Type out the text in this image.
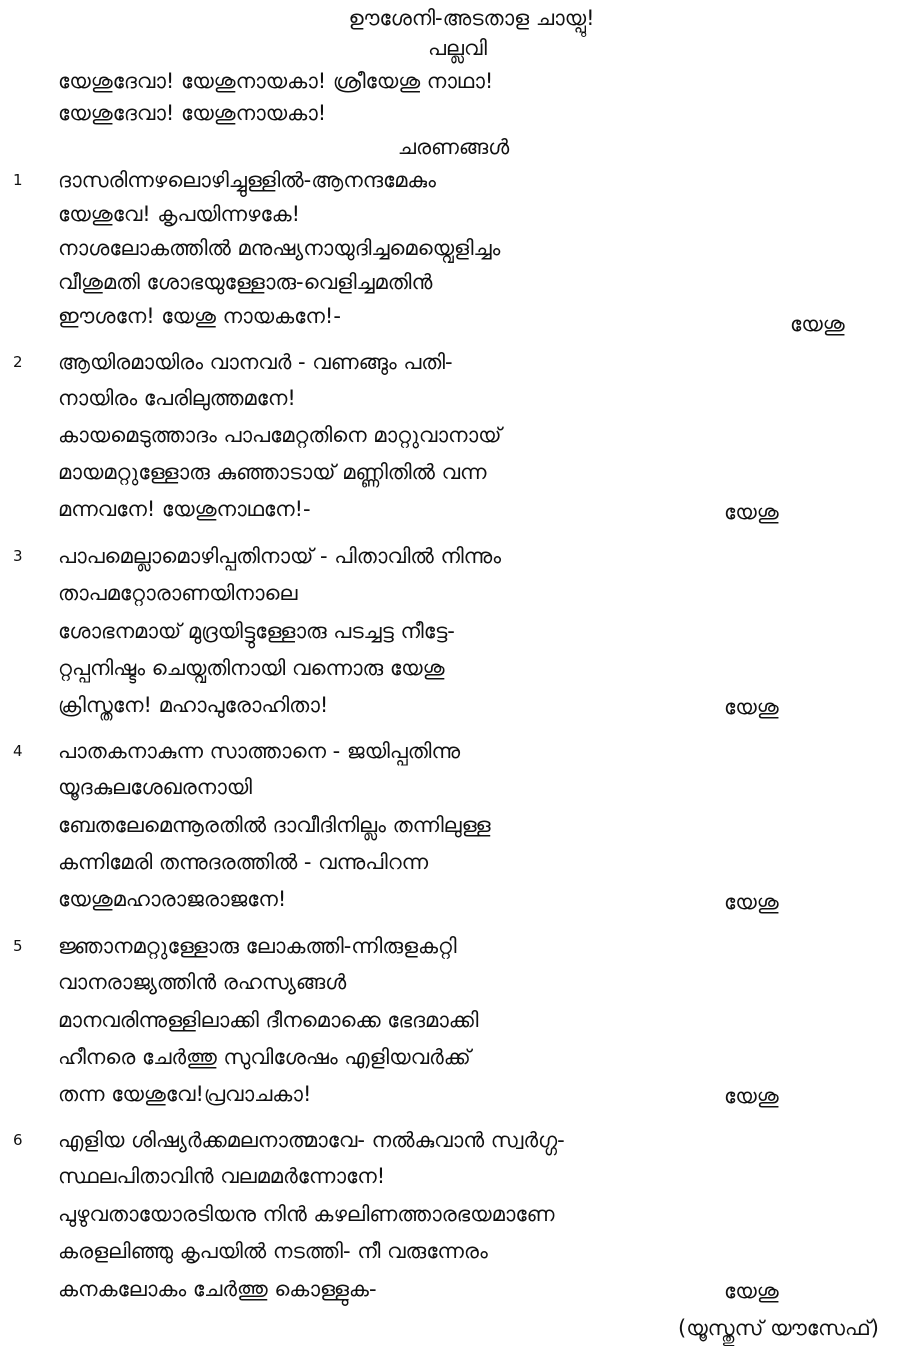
ഊശേനി-അടതാള ചായ്പു!
പല്ലവി
യേശുദേവാ! യേശുനായകാ! ശ്രീയേശു നാഥാ!
യേശുദേവാ! യേശുനായകാ!
ചരണങ്ങൾ
1 ദാസരിന്നഴലൊഴിച്ചുള്ളിൽ-ആനന്ദമേകും
യേശുവേ! കൃപയിന്നഴകേ!
നാശലോകത്തിൽ മനുഷ്യനായുദിച്ചമെയ്വെളിച്ചം
വീശുമതി ശോഭയുള്ളോരു-വെളിച്ചമതിൻ
ഈശനേ! യേശു നായകനേ!-	യേശു
2 ആയിരമായിരം വാനവർ - വണങ്ങും പതി-
നായിരം പേരിലുത്തമനേ!
കായമെടുത്താദം പാപമേറ്റതിനെ മാറ്റുവാനായ്
മായമറ്റുള്ളോരു കുഞ്ഞാടായ് മണ്ണിതിൽ വന്ന
മന്നവനേ! യേശുനാഥനേ!-	യേശു
3 പാപമെല്ലാമൊഴിപ്പതിനായ് - പിതാവിൽ നിന്നും
താപമറ്റോരാണയിനാലെ
ശോഭനമായ് മുദ്രയിട്ടുള്ളോരു പടച്ചട്ട നീട്ടേ-
റ്റപ്പനിഷ്ടം ചെയ്വതിനായി വന്നൊരു യേശു
ക്രിസ്തനേ! മഹാപുരോഹിതാ!	യേശു
4 പാതകനാകുന്ന സാത്താനെ - ജയിപ്പതിന്നു
യൂദകുലശേഖരനായി
ബേതലേമെന്നൂരതിൽ ദാവീദിനില്ലം തന്നിലുള്ള
കന്നിമേരി തന്നുദരത്തിൽ - വന്നുപിറന്ന
യേശുമഹാരാജരാജനേ!	യേശു
5 ജ്ഞാനമറ്റുള്ളോരു ലോകത്തി-ന്നിരുളകറ്റി
വാനരാജ്യത്തിൻ രഹസ്യങ്ങൾ
മാനവരിന്നുള്ളിലാക്കി ദീനമൊക്കെ ഭേദമാക്കി
ഹീനരെ ചേർത്തു സുവിശേഷം എളിയവർക്ക്
തന്ന യേശുവേ!പ്രവാചകാ!	യേശു
6 എളിയ ശിഷ്യർക്കമലനാത്മാവേ- നൽകുവാൻ സ്വർഗ്ഗ-
സ്ഥലപിതാവിൻ വലമമർന്നോനേ!
പുഴുവതായോരടിയനു നിൻ കഴലിണത്താരഭയമാണേ
കരളലിഞ്ഞു കൃപയിൽ നടത്തി- നീ വരുന്നേരം
കനകലോകം ചേർത്തു കൊള്ളുക-	യേശു
(യൂസ്തുസ് യൗസേഫ്)
